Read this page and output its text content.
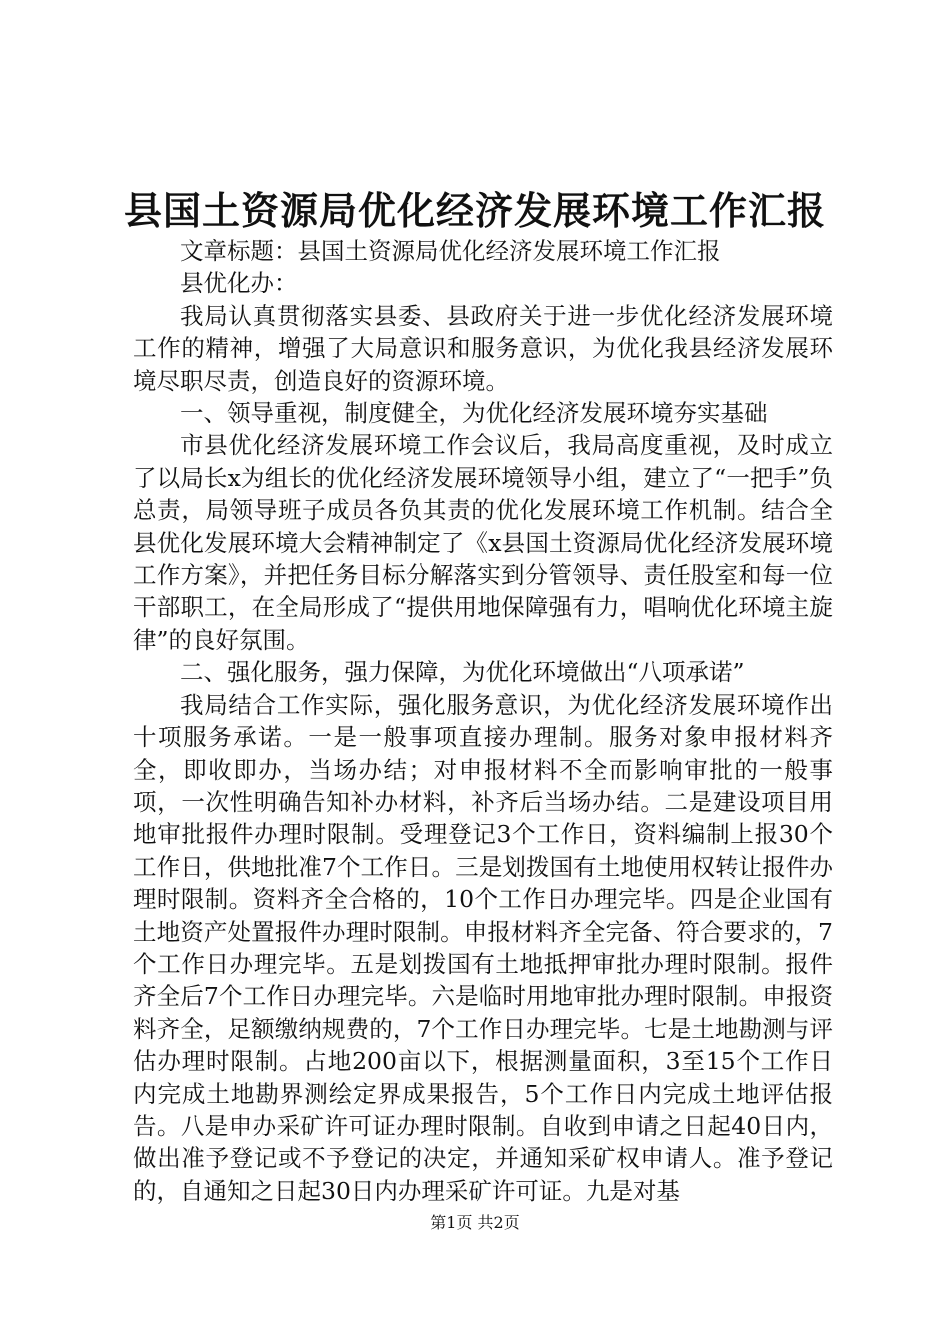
县国土资源局优化经济发展环境工作汇报

文章标题：县国土资源局优化经济发展环境工作汇报

县优化办：

我局认真贯彻落实县委、县政府关于进一步优化经济发展环境工作的精神，增强了大局意识和服务意识，为优化我县经济发展环境尽职尽责，创造良好的资源环境。

一、领导重视，制度健全，为优化经济发展环境夯实基础

市县优化经济发展环境工作会议后，我局高度重视，及时成立了以局长x为组长的优化经济发展环境领导小组，建立了“一把手”负总责，局领导班子成员各负其责的优化发展环境工作机制。结合全县优化发展环境大会精神制定了《x县国土资源局优化经济发展环境工作方案》，并把任务目标分解落实到分管领导、责任股室和每一位干部职工，在全局形成了“提供用地保障强有力，唱响优化环境主旋律”的良好氛围。

二、强化服务，强力保障，为优化环境做出“八项承诺”

我局结合工作实际，强化服务意识，为优化经济发展环境作出十项服务承诺。一是一般事项直接办理制。服务对象申报材料齐全，即收即办，当场办结；对申报材料不全而影响审批的一般事项，一次性明确告知补办材料，补齐后当场办结。二是建设项目用地审批报件办理时限制。受理登记3个工作日，资料编制上报30个工作日，供地批准7个工作日。三是划拨国有土地使用权转让报件办理时限制。资料齐全合格的，10个工作日办理完毕。四是企业国有土地资产处置报件办理时限制。申报材料齐全完备、符合要求的，7个工作日办理完毕。五是划拨国有土地抵押审批办理时限制。报件齐全后7个工作日办理完毕。六是临时用地审批办理时限制。申报资料齐全，足额缴纳规费的，7个工作日办理完毕。七是土地勘测与评估办理时限制。占地200亩以下，根据测量面积，3至15个工作日内完成土地勘界测绘定界成果报告，5个工作日内完成土地评估报告。八是申办采矿许可证办理时限制。自收到申请之日起40日内，做出准予登记或不予登记的决定，并通知采矿权申请人。准予登记的，自通知之日起30日内办理采矿许可证。九是对基

第1页 共2页
